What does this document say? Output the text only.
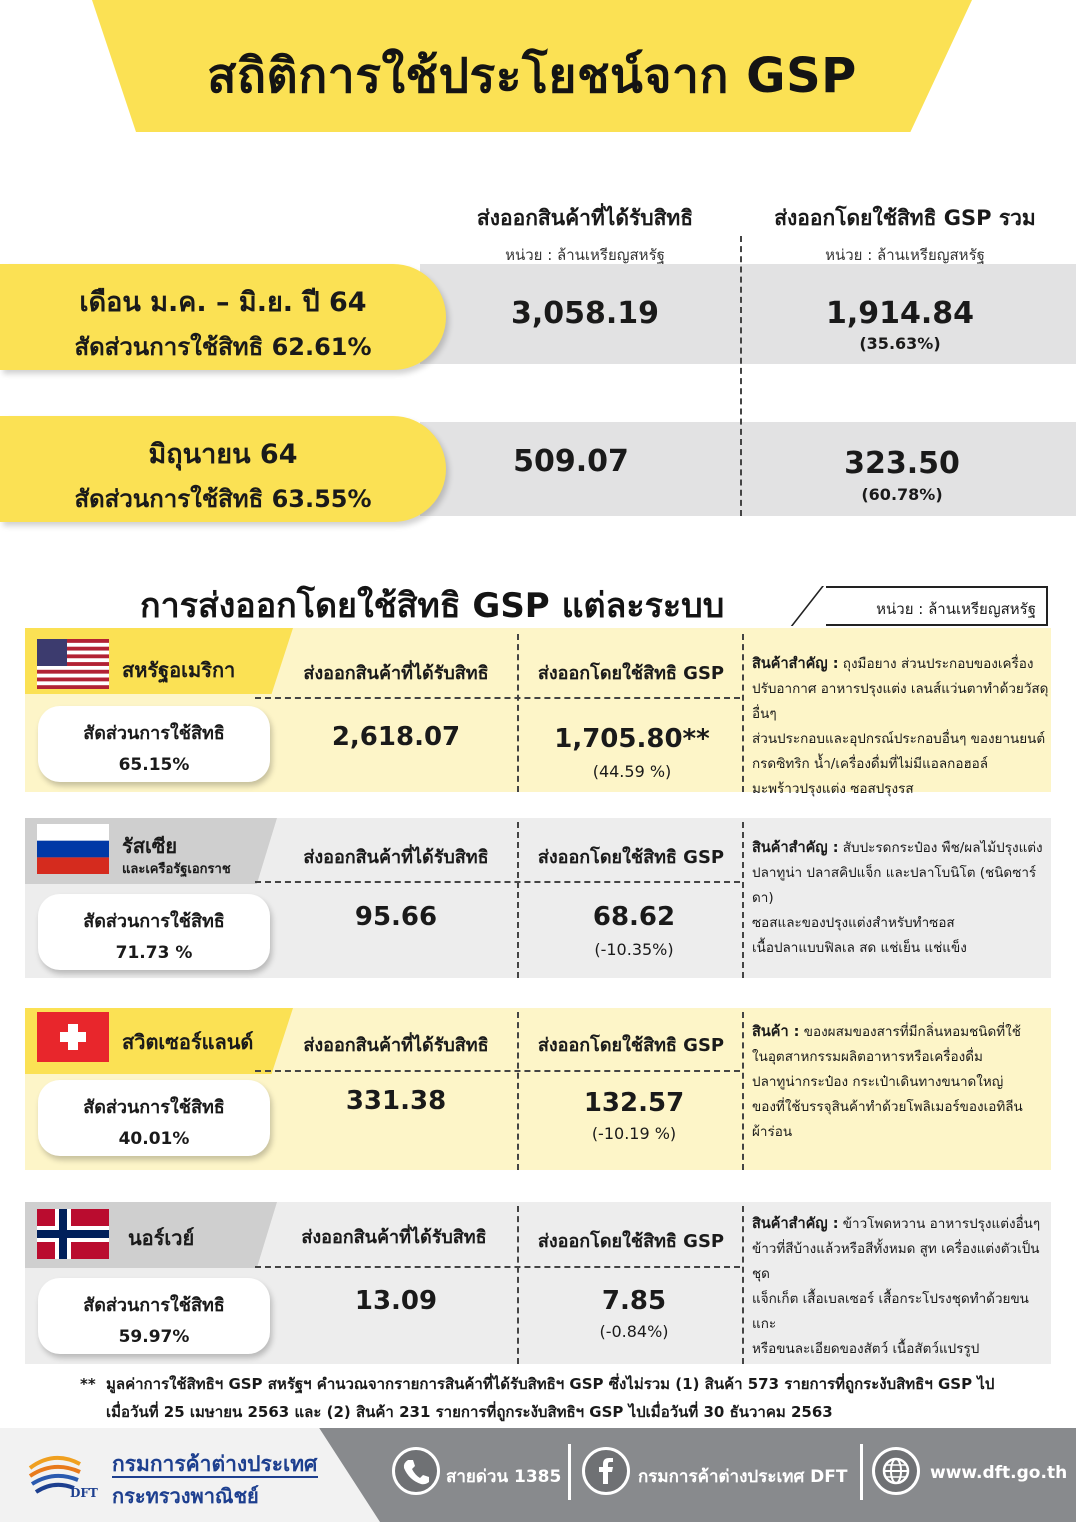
สถิติการใช้ประโยชน์จาก GSP
ส่งออกสินค้าที่ได้รับสิทธิ
หน่วย : ล้านเหรียญสหรัฐ
ส่งออกโดยใช้สิทธิ GSP รวม
หน่วย : ล้านเหรียญสหรัฐ
เดือน ม.ค. – มิ.ย. ปี 64
สัดส่วนการใช้สิทธิ 62.61%
3,058.19	1,914.84
(35.63%)
มิถุนายน 64
สัดส่วนการใช้สิทธิ 63.55%
509.07	323.50
(60.78%)
การส่งออกโดยใช้สิทธิ GSP แต่ละระบบ	หน่วย : ล้านเหรียญสหรัฐ
สหรัฐอเมริกา	ส่งออกสินค้าที่ได้รับสิทธิ	ส่งออกโดยใช้สิทธิ GSP
สัดส่วนการใช้สิทธิ
65.15%
2,618.07	1,705.80**
(44.59 %)
สินค้าสำคัญ : ถุงมือยาง ส่วนประกอบของเครื่อง
ปรับอากาศ อาหารปรุงแต่ง เลนส์แว่นตาทำด้วยวัสดุอื่นๆ
ส่วนประกอบและอุปกรณ์ประกอบอื่นๆ ของยานยนต์
กรดซิทริก น้ำ/เครื่องดื่มที่ไม่มีแอลกอฮอล์
มะพร้าวปรุงแต่ง ซอสปรุงรส
รัสเซีย
และเครือรัฐเอกราช
ส่งออกสินค้าที่ได้รับสิทธิ	ส่งออกโดยใช้สิทธิ GSP
สัดส่วนการใช้สิทธิ
71.73 %
95.66	68.62
(-10.35%)
สินค้าสำคัญ : สับปะรดกระป๋อง พืช/ผลไม้ปรุงแต่ง
ปลาทูน่า ปลาสคิปแจ็ก และปลาโบนิโต (ชนิดซาร์ดา)
ซอสและของปรุงแต่งสำหรับทำซอส
เนื้อปลาแบบฟิลเล สด แช่เย็น แช่แข็ง
สวิตเซอร์แลนด์	ส่งออกสินค้าที่ได้รับสิทธิ	ส่งออกโดยใช้สิทธิ GSP
สัดส่วนการใช้สิทธิ
40.01%
331.38	132.57
(-10.19 %)
สินค้า : ของผสมของสารที่มีกลิ่นหอมชนิดที่ใช้
ในอุตสาหกรรมผลิตอาหารหรือเครื่องดื่ม
ปลาทูน่ากระป๋อง กระเป๋าเดินทางขนาดใหญ่
ของที่ใช้บรรจุสินค้าทำด้วยโพลิเมอร์ของเอทิลีน
ผ้าร่อน
นอร์เวย์	ส่งออกสินค้าที่ได้รับสิทธิ	ส่งออกโดยใช้สิทธิ GSP
สัดส่วนการใช้สิทธิ
59.97%
13.09	7.85
(-0.84%)
สินค้าสำคัญ : ข้าวโพดหวาน อาหารปรุงแต่งอื่นๆ
ข้าวที่สีบ้างแล้วหรือสีทั้งหมด สูท เครื่องแต่งตัวเป็นชุด
แจ็กเก็ต เสื้อเบลเซอร์ เสื้อกระโปรงชุดทำด้วยขนแกะ
หรือขนละเอียดของสัตว์ เนื้อสัตว์แปรรูป
** มูลค่าการใช้สิทธิฯ GSP สหรัฐฯ คำนวณจากรายการสินค้าที่ได้รับสิทธิฯ GSP ซึ่งไม่รวม (1) สินค้า 573 รายการที่ถูกระงับสิทธิฯ GSP ไป
เมื่อวันที่ 25 เมษายน 2563 และ (2) สินค้า 231 รายการที่ถูกระงับสิทธิฯ GSP ไปเมื่อวันที่ 30 ธันวาคม 2563
DFT
กรมการค้าต่างประเทศ
กระทรวงพาณิชย์
สายด่วน 1385	กรมการค้าต่างประเทศ DFT	www.dft.go.th
